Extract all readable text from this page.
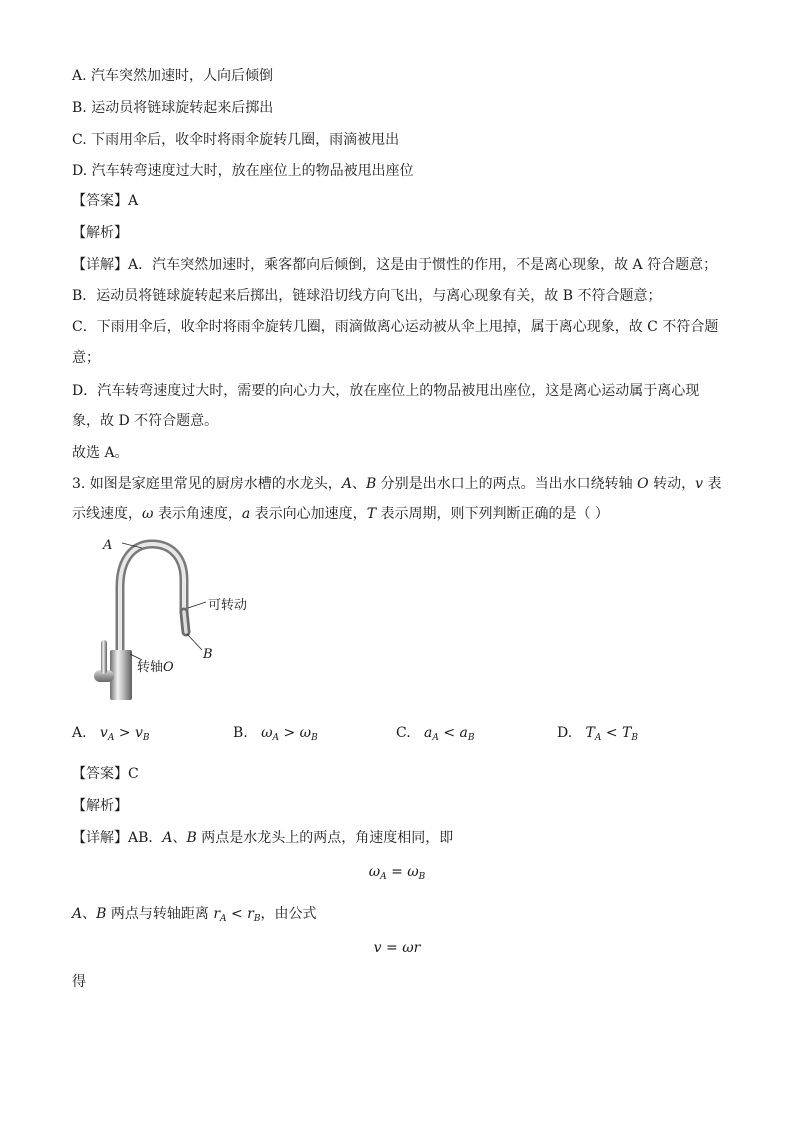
A. 汽车突然加速时，人向后倾倒
B. 运动员将链球旋转起来后掷出
C. 下雨用伞后，收伞时将雨伞旋转几圈，雨滴被甩出
D. 汽车转弯速度过大时，放在座位上的物品被甩出座位
【答案】A
【解析】
【详解】A．汽车突然加速时，乘客都向后倾倒，这是由于惯性的作用，不是离心现象，故 A 符合题意；
B．运动员将链球旋转起来后掷出，链球沿切线方向飞出，与离心现象有关，故 B 不符合题意；
C．下雨用伞后，收伞时将雨伞旋转几圈，雨滴做离心运动被从伞上甩掉，属于离心现象，故 C 不符合题
意；
D．汽车转弯速度过大时，需要的向心力大，放在座位上的物品被甩出座位，这是离心运动属于离心现
象，故 D 不符合题意。
故选 A。
3. 如图是家庭里常见的厨房水槽的水龙头，A、B 分别是出水口上的两点。当出水口绕转轴 O 转动，v 表
示线速度，ω 表示角速度，a 表示向心加速度，T 表示周期，则下列判断正确的是（ ）
A
可转动
B
转轴O
A. $v_A > v_B$	B. $\omega_A > \omega_B$	C. $a_A < a_B$	D. $T_A < T_B$
【答案】C
【解析】
【详解】AB．A、B 两点是水龙头上的两点，角速度相同，即
$\omega_A = \omega_B$
A、B 两点与转轴距离 $r_A < r_B$，由公式
v = ωr
得
